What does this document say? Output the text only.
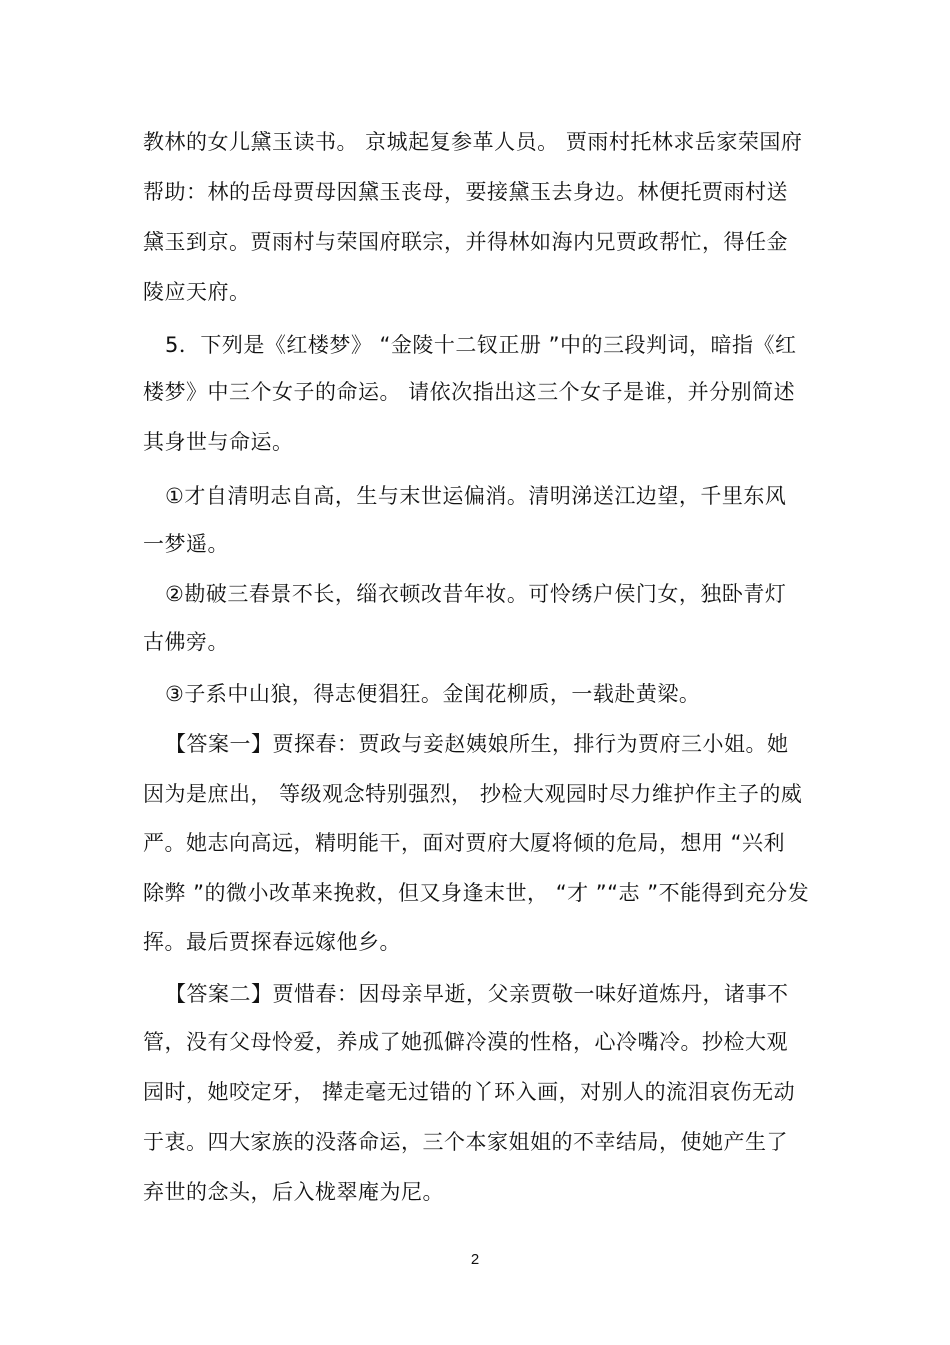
教林的女儿黛玉读书。 京城起复参革人员。 贾雨村托林求岳家荣国府
帮助：林的岳母贾母因黛玉丧母，要接黛玉去身边。林便托贾雨村送
黛玉到京。贾雨村与荣国府联宗，并得林如海内兄贾政帮忙，得任金
陵应天府。
5．下列是《红楼梦》 “金陵十二钗正册 ”中的三段判词，暗指《红
楼梦》中三个女子的命运。 请依次指出这三个女子是谁，并分别简述
其身世与命运。
①才自清明志自高，生与末世运偏消。清明涕送江边望，千里东风
一梦遥。
②勘破三春景不长，缁衣顿改昔年妆。可怜绣户侯门女，独卧青灯
古佛旁。
③子系中山狼，得志便猖狂。金闺花柳质，一载赴黄梁。
【答案一】贾探春：贾政与妾赵姨娘所生，排行为贾府三小姐。她
因为是庶出， 等级观念特别强烈， 抄检大观园时尽力维护作主子的威
严。她志向高远，精明能干，面对贾府大厦将倾的危局，想用 “兴利
除弊 ”的微小改革来挽救，但又身逢末世， “才 ”“志 ”不能得到充分发
挥。最后贾探春远嫁他乡。
【答案二】贾惜春：因母亲早逝，父亲贾敬一味好道炼丹，诸事不
管，没有父母怜爱，养成了她孤僻冷漠的性格，心冷嘴冷。抄检大观
园时，她咬定牙， 撵走毫无过错的丫环入画，对别人的流泪哀伤无动
于衷。四大家族的没落命运，三个本家姐姐的不幸结局，使她产生了
弃世的念头，后入栊翠庵为尼。
2
